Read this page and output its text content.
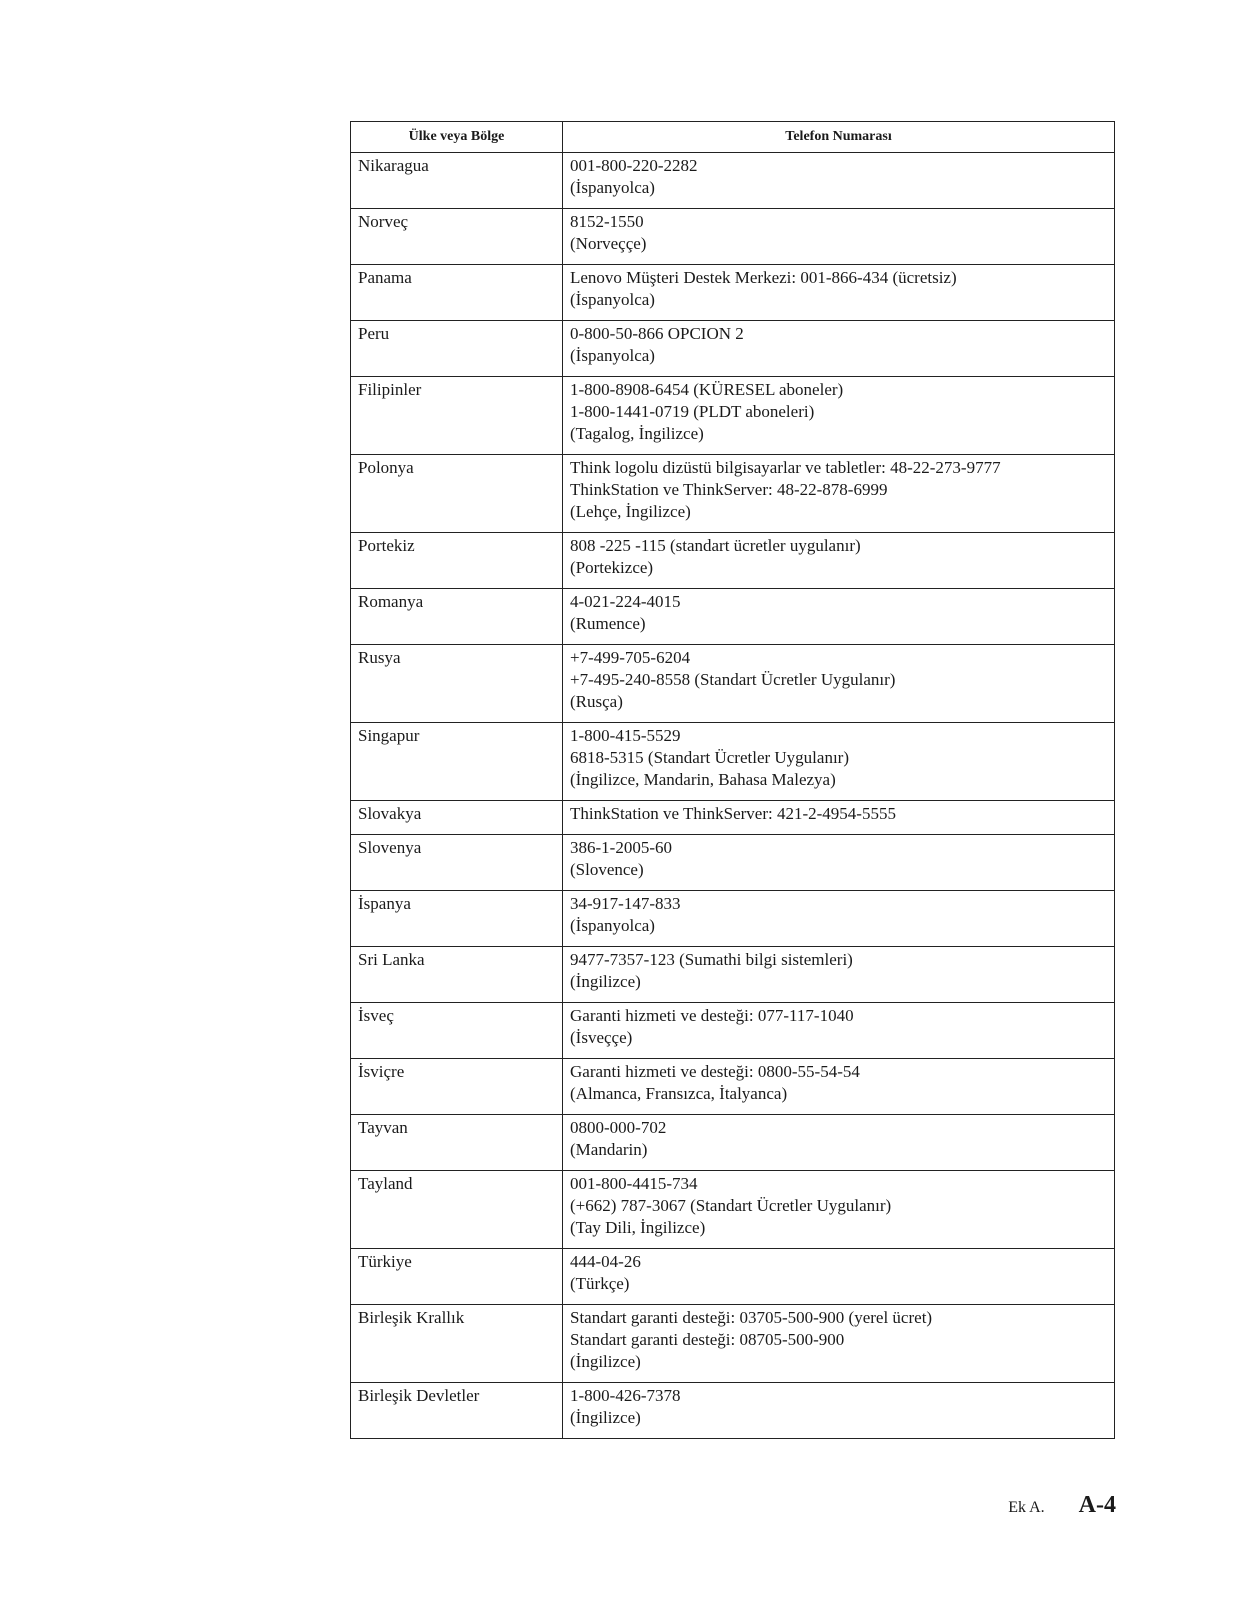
Ülke veya Bölge	Telefon Numarası
Nikaragua	001-800-220-2282
(İspanyolca)

Norveç	8152-1550
(Norveççe)

Panama	Lenovo Müşteri Destek Merkezi: 001-866-434 (ücretsiz)
(İspanyolca)

Peru	0-800-50-866 OPCION 2
(İspanyolca)

Filipinler	1-800-8908-6454 (KÜRESEL aboneler)
1-800-1441-0719 (PLDT aboneleri)
(Tagalog, İngilizce)

Polonya	Think logolu dizüstü bilgisayarlar ve tabletler: 48-22-273-9777
ThinkStation ve ThinkServer: 48-22-878-6999
(Lehçe, İngilizce)

Portekiz	808 -225 -115 (standart ücretler uygulanır)
(Portekizce)

Romanya	4-021-224-4015
(Rumence)

Rusya	+7-499-705-6204
+7-495-240-8558 (Standart Ücretler Uygulanır)
(Rusça)

Singapur	1-800-415-5529
6818-5315 (Standart Ücretler Uygulanır)
(İngilizce, Mandarin, Bahasa Malezya)

Slovakya	ThinkStation ve ThinkServer: 421-2-4954-5555

Slovenya	386-1-2005-60
(Slovence)

İspanya	34-917-147-833
(İspanyolca)

Sri Lanka	9477-7357-123 (Sumathi bilgi sistemleri)
(İngilizce)

İsveç	Garanti hizmeti ve desteği: 077-117-1040
(İsveççe)

İsviçre	Garanti hizmeti ve desteği: 0800-55-54-54
(Almanca, Fransızca, İtalyanca)

Tayvan	0800-000-702
(Mandarin)

Tayland	001-800-4415-734
(+662) 787-3067 (Standart Ücretler Uygulanır)
(Tay Dili, İngilizce)

Türkiye	444-04-26
(Türkçe)

Birleşik Krallık	Standart garanti desteği: 03705-500-900 (yerel ücret)
Standart garanti desteği: 08705-500-900
(İngilizce)

Birleşik Devletler	1-800-426-7378
(İngilizce)
Ek A. A-4
